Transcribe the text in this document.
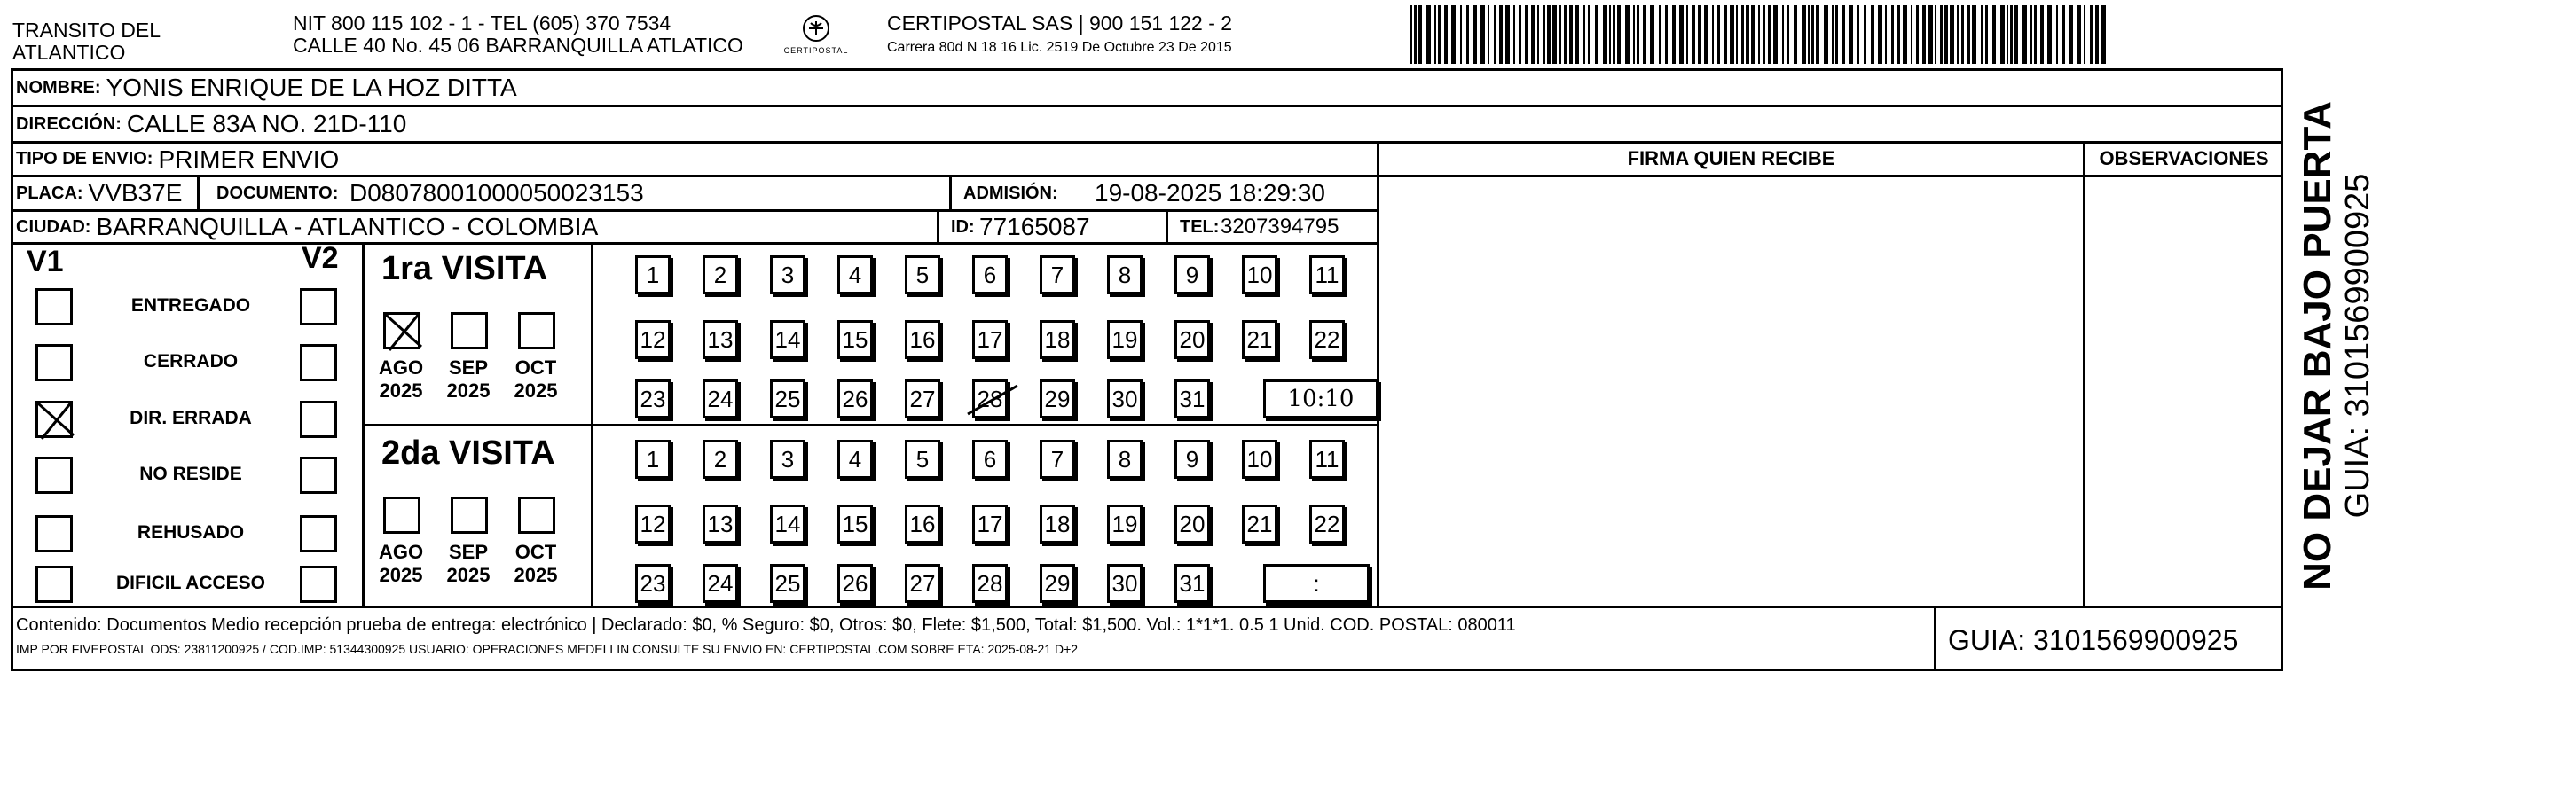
TRANSITO DEL
ATLANTICO
NIT 800 115 102 - 1 - TEL (605) 370 7534
CALLE 40 No. 45 06 BARRANQUILLA ATLATICO	CERTIPOSTAL
CERTIPOSTAL SAS | 900 151 122 - 2
Carrera 80d N 18 16 Lic. 2519 De Octubre 23 De 2015
NOMBRE: YONIS ENRIQUE DE LA HOZ DITTA
DIRECCIÓN: CALLE 83A NO. 21D-110
TIPO DE ENVIO: PRIMER ENVIO
PLACA: VVB37E DOCUMENTO: D08078001000050023153	ADMISIÓN: 19-08-2025 18:29:30
CIUDAD: BARRANQUILLA - ATLANTICO - COLOMBIA	ID: 77165087	TEL: 3207394795
FIRMA QUIEN RECIBE	OBSERVACIONES
V1	V2 1ra VISITA
2da VISITA
Contenido: Documentos Medio recepción prueba de entrega: electrónico | Declarado: $0, % Seguro: $0, Otros: $0, Flete: $1,500, Total: $1,500. Vol.: 1*1*1. 0.5 1 Unid. COD. POSTAL: 080011
IMP POR FIVEPOSTAL ODS: 23811200925 / COD.IMP: 51344300925 USUARIO: OPERACIONES MEDELLIN CONSULTE SU ENVIO EN: CERTIPOSTAL.COM SOBRE ETA: 2025-08-21 D+2	GUIA: 3101569900925
NO DEJAR BAJO PUERTA GUIA: 3101569900925
ENTREGADO
CERRADO
DIR. ERRADA
NO RESIDE
REHUSADO
DIFICIL ACCESO
AGO
2025
SEP
2025
OCT
2025
AGO
2025
SEP
2025
OCT
2025
1	2	3	4	5	6	7	8	9	10 11
12 13 14 15 16 17 18 19 20 21 22
23 24 25 26 27 28 29 30 31	10:10
1	2	3	4	5	6	7	8	9	10 11
12 13 14 15 16 17 18 19 20 21 22
23 24 25 26 27 28 29 30 31	:
